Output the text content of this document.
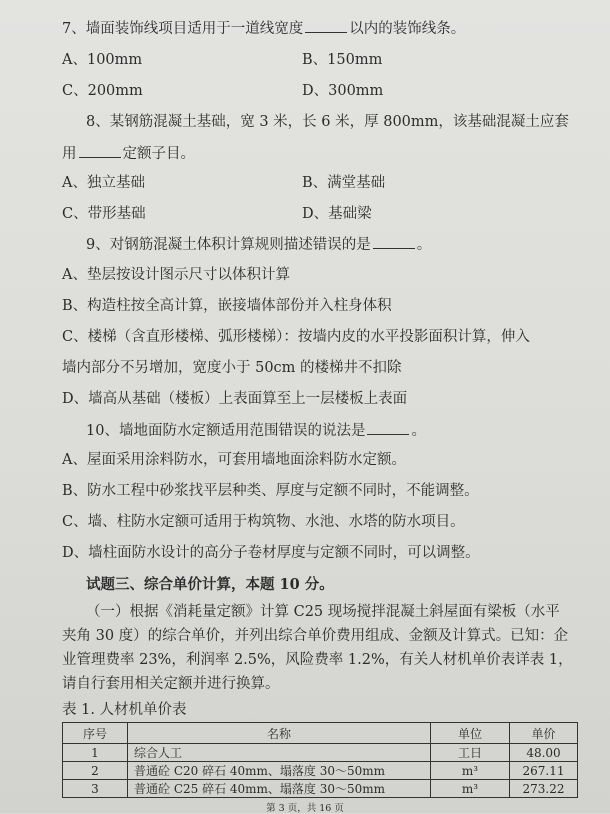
7、墙面装饰线项目适用于一道线宽度	以内的装饰线条。
A、100mm	B、150mm
C、200mm	D、300mm
8、某钢筋混凝土基础，宽 3 米，长 6 米，厚 800mm，该基础混凝土应套
用	定额子目。
A、独立基础	B、满堂基础
C、带形基础	D、基础梁
9、对钢筋混凝土体积计算规则描述错误的是	。
A、垫层按设计图示尺寸以体积计算
B、构造柱按全高计算，嵌接墙体部份并入柱身体积
C、楼梯（含直形楼梯、弧形楼梯）：按墙内皮的水平投影面积计算，伸入
墙内部分不另增加，宽度小于 50cm 的楼梯井不扣除
D、墙高从基础（楼板）上表面算至上一层楼板上表面
10、墙地面防水定额适用范围错误的说法是	。
A、屋面采用涂料防水，可套用墙地面涂料防水定额。
B、防水工程中砂浆找平层种类、厚度与定额不同时，不能调整。
C、墙、柱防水定额可适用于构筑物、水池、水塔的防水项目。
D、墙柱面防水设计的高分子卷材厚度与定额不同时，可以调整。
试题三、综合单价计算，本题 10 分。
序号	名称	单位	单价
1	综合人工	工日	48.00
2	普通砼 C20 碎石 40mm、塌落度 30～50mm	m³	267.11
3	普通砼 C25 碎石 40mm、塌落度 30～50mm	m³	273.22
第 3 页，共 16 页
（一）根据《消耗量定额》计算 C25 现场搅拌混凝土斜屋面有梁板（水平
夹角 30 度）的综合单价，并列出综合单价费用组成、金额及计算式。已知：企
业管理费率 23%，利润率 2.5%，风险费率 1.2%，有关人材机单价表详表 1，
请自行套用相关定额并进行换算。
表 1. 人材机单价表
